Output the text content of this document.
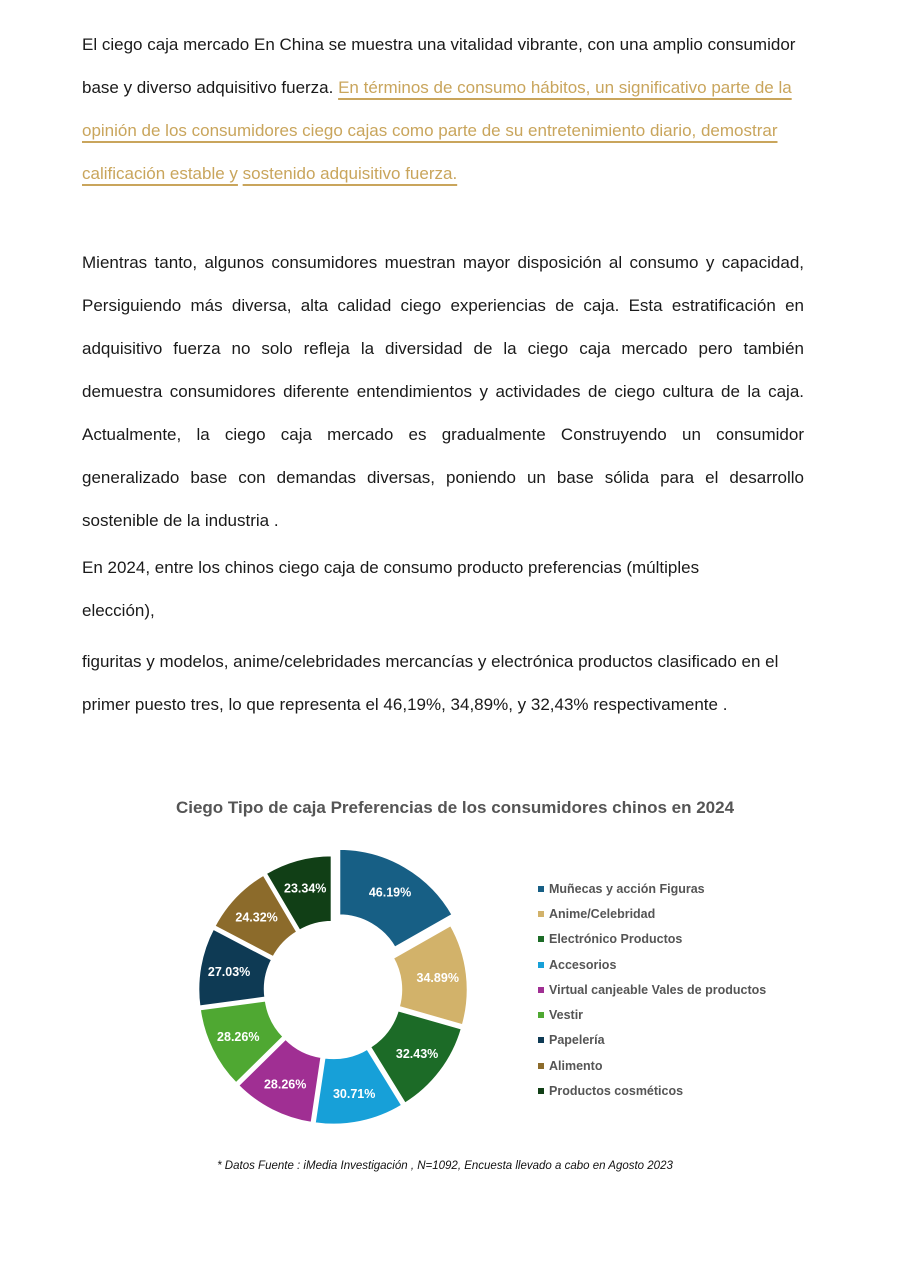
El ciego caja mercado En China se muestra una vitalidad vibrante, con una amplio consumidor base y diverso adquisitivo fuerza. En términos de consumo hábitos, un significativo parte de la opinión de los consumidores ciego cajas como parte de su entretenimiento diario, demostrar calificación estable y sostenido adquisitivo fuerza.

Mientras tanto, algunos consumidores muestran mayor disposición al consumo y capacidad, Persiguiendo más diversa, alta calidad ciego experiencias de caja. Esta estratificación en adquisitivo fuerza no solo refleja la diversidad de la ciego caja mercado pero también demuestra consumidores diferente entendimientos y actividades de ciego cultura de la caja. Actualmente, la ciego caja mercado es gradualmente Construyendo un consumidor generalizado base con demandas diversas, poniendo un base sólida para el desarrollo sostenible de la industria .

En 2024, entre los chinos ciego caja de consumo producto preferencias (múltiples

elección),

figuritas y modelos, anime/celebridades mercancías y electrónica productos clasificado en el primer puesto tres, lo que representa el 46,19%, 34,89%, y 32,43% respectivamente .

Ciego Tipo de caja Preferencias de los consumidores chinos en 2024
46.19%
34.89%
32.43%
30.71%
28.26%
28.26%
27.03%
24.32%
23.34%	Muñecas y acción Figuras
Anime/Celebridad
Electrónico Productos
Accesorios
Virtual canjeable Vales de productos
Vestir
Papelería
Alimento
Productos cosméticos
* Datos Fuente : iMedia Investigación , N=1092, Encuesta llevado a cabo en Agosto 2023
